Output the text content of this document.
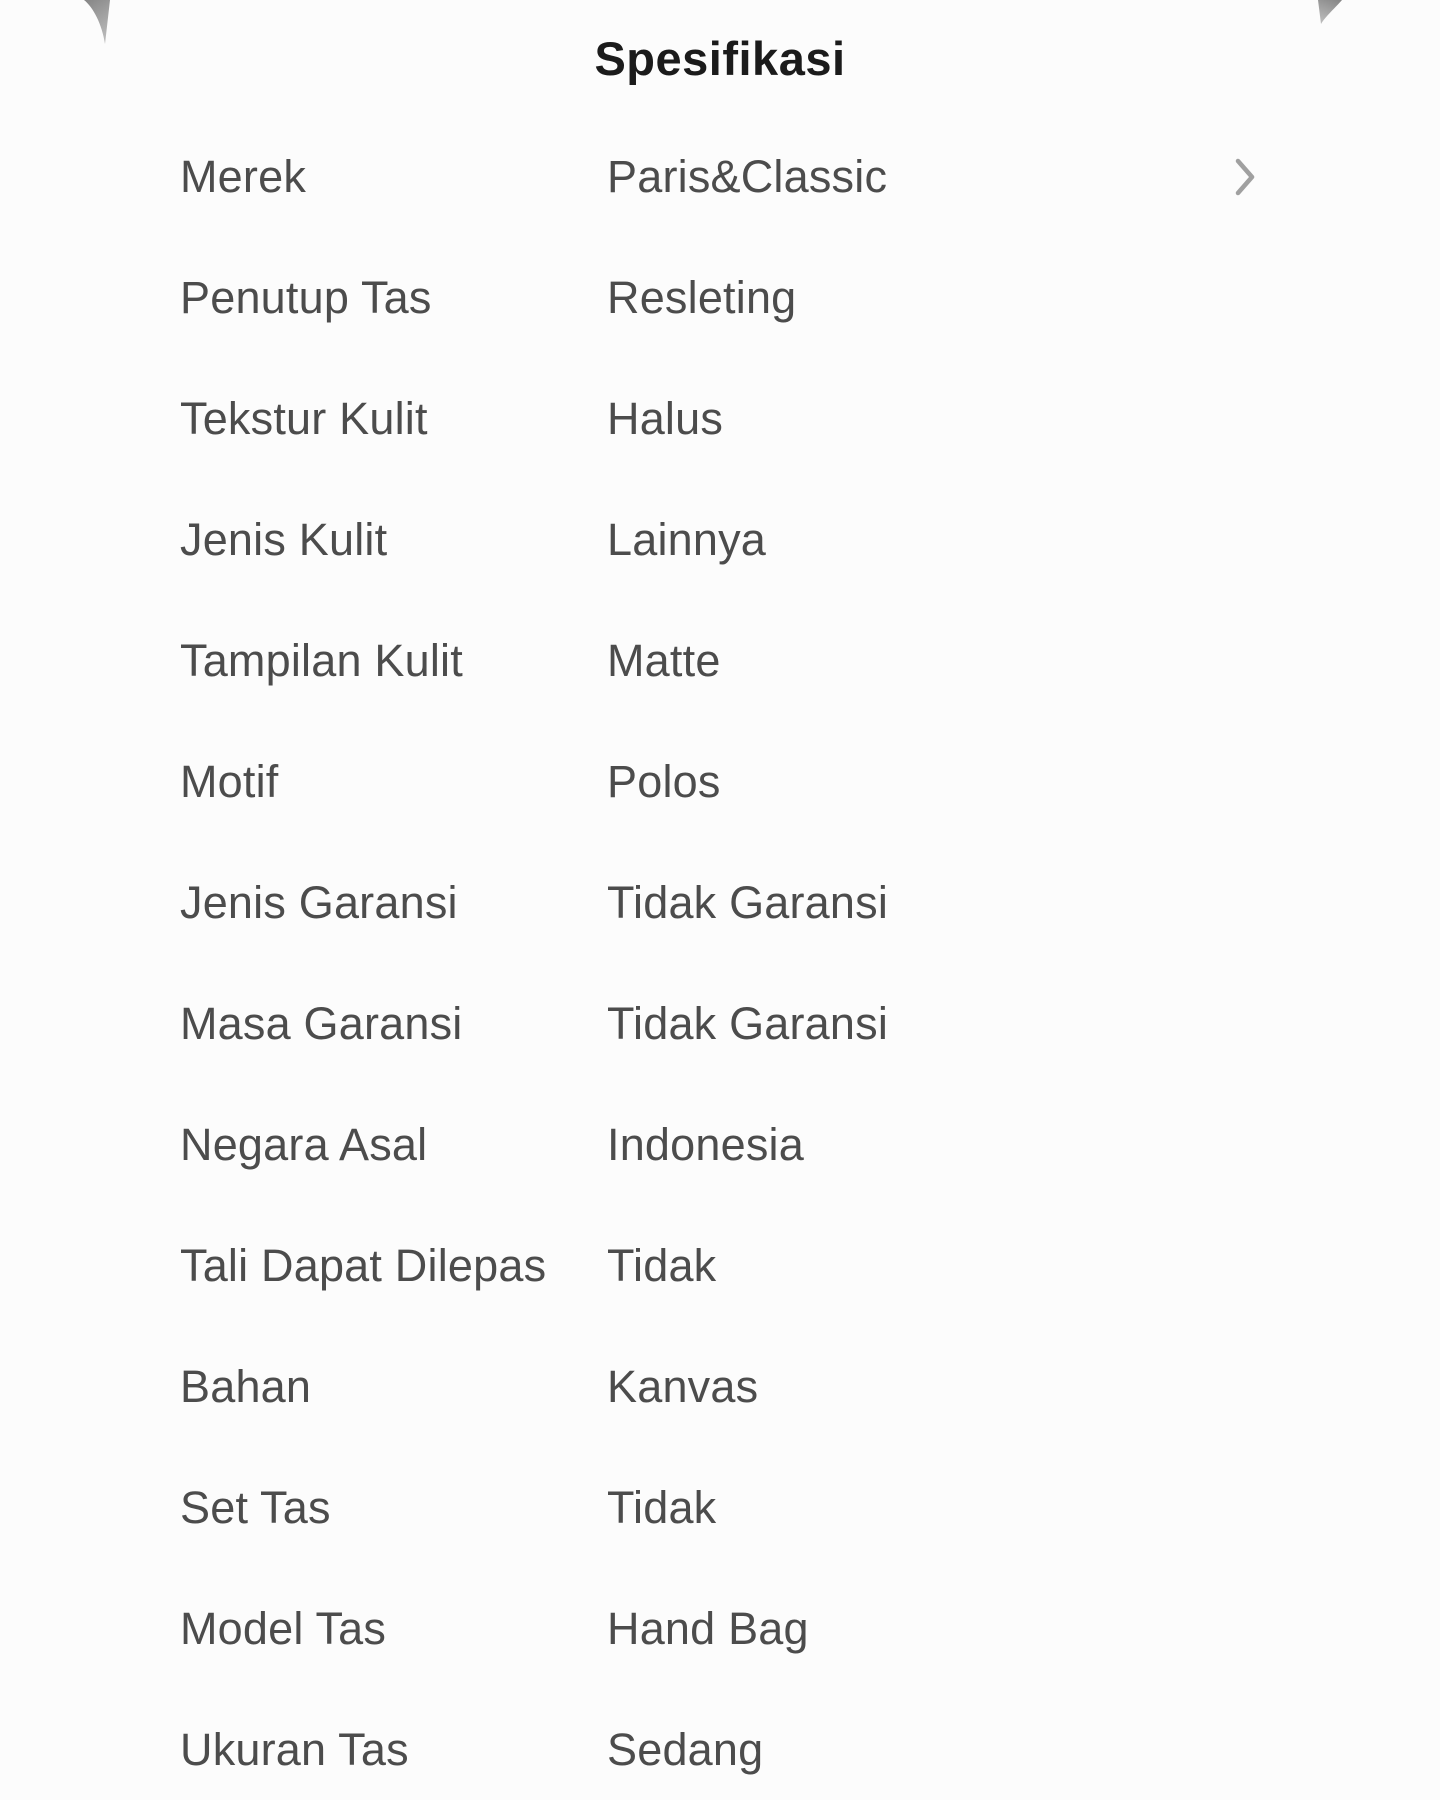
Spesifikasi
Merek	Paris&Classic
Penutup Tas	Resleting
Tekstur Kulit	Halus
Jenis Kulit	Lainnya
Tampilan Kulit	Matte
Motif	Polos
Jenis Garansi	Tidak Garansi
Masa Garansi	Tidak Garansi
Negara Asal	Indonesia
Tali Dapat Dilepas	Tidak
Bahan	Kanvas
Set Tas	Tidak
Model Tas	Hand Bag
Ukuran Tas	Sedang
